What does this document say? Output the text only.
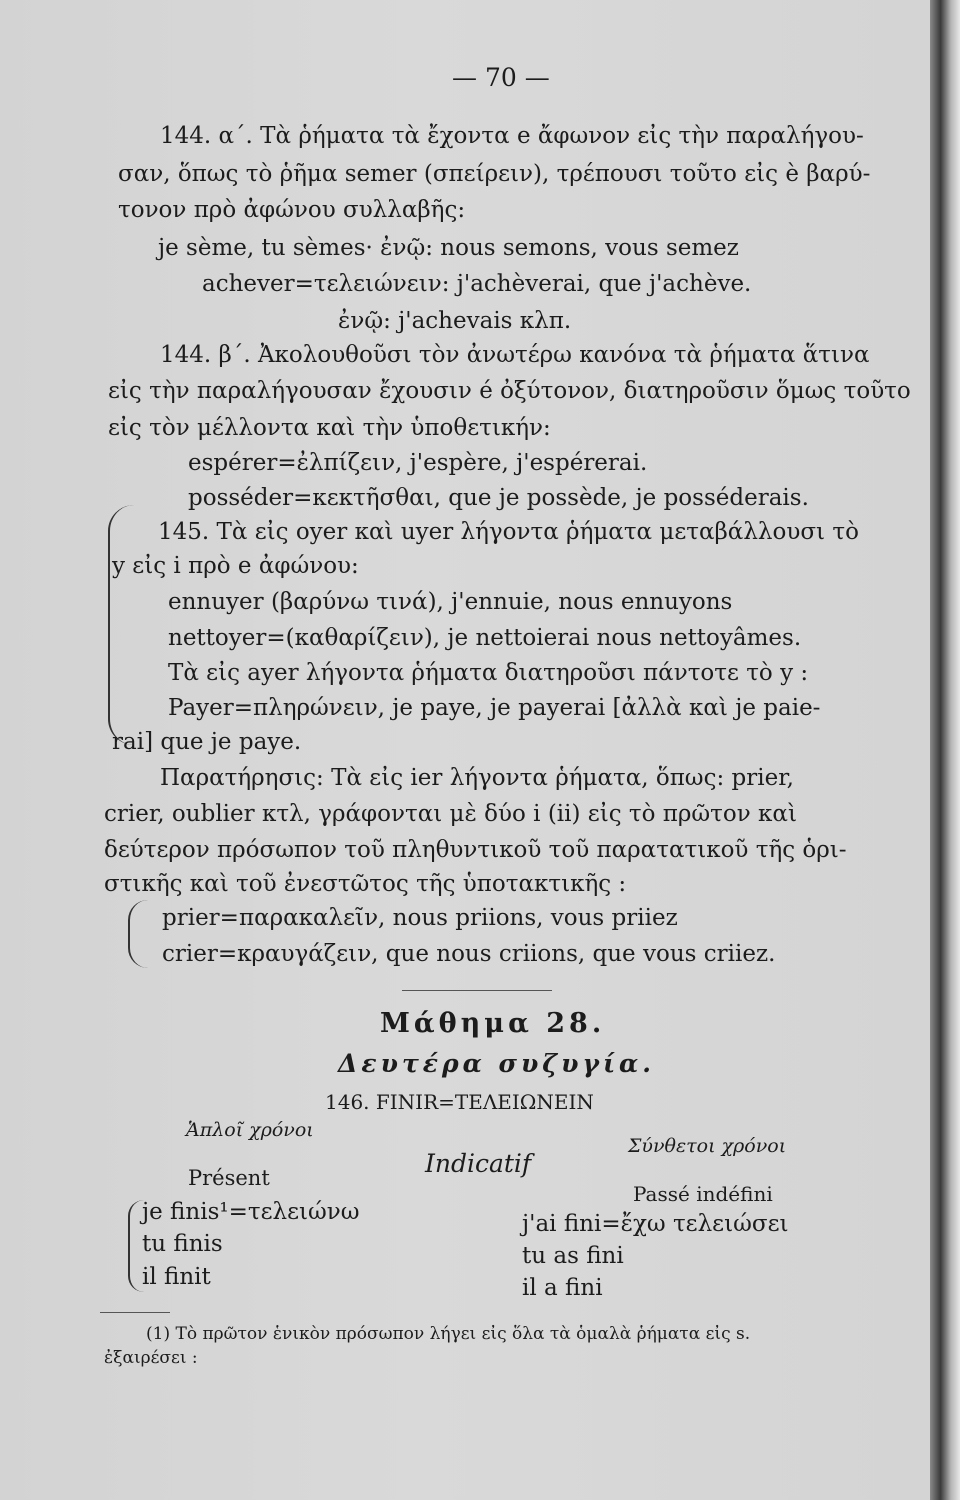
— 70 —
144. α΄. Τὰ ῥήματα τὰ ἔχοντα e ἄφωνον εἰς τὴν παραλήγου-
σαν, ὅπως τὸ ῥῆμα semer (σπείρειν), τρέπουσι τοῦτο εἰς è βαρύ-
τονον πρὸ ἀφώνου συλλαβῆς:
je sème, tu sèmes· ἐνῷ: nous semons, vous semez
achever=τελειώνειν: j'achèverai, que j'achève.
ἐνῷ: j'achevais κλπ.
144. β΄. Ἀκολουθοῦσι τὸν ἀνωτέρω κανόνα τὰ ῥήματα ἅτινα
εἰς τὴν παραλήγουσαν ἔχουσιν é ὀξύτονον, διατηροῦσιν ὅμως τοῦτο
εἰς τὸν μέλλοντα καὶ τὴν ὑποθετικήν:
espérer=ἐλπίζειν, j'espère, j'espérerai.
posséder=κεκτῆσθαι, que je possède, je posséderais.
145. Τὰ εἰς oyer καὶ uyer λήγοντα ῥήματα μεταβάλλουσι τὸ
y εἰς i πρὸ e ἀφώνου:
ennuyer (βαρύνω τινά), j'ennuie, nous ennuyons
nettoyer=(καθαρίζειν), je nettoierai nous nettoyâmes.
Τὰ εἰς ayer λήγοντα ῥήματα διατηροῦσι πάντοτε τὸ y :
Payer=πληρώνειν, je paye, je payerai [ἀλλὰ καὶ je paie-
rai] que je paye.
Παρατήρησις: Τὰ εἰς ier λήγοντα ῥήματα, ὅπως: prier,
crier, oublier κτλ, γράφονται μὲ δύο i (ii) εἰς τὸ πρῶτον καὶ
δεύτερον πρόσωπον τοῦ πληθυντικοῦ τοῦ παρατατικοῦ τῆς ὁρι-
στικῆς καὶ τοῦ ἐνεστῶτος τῆς ὑποτακτικῆς :
prier=παρακαλεῖν, nous priions, vous priiez
crier=κραυγάζειν, que nous criions, que vous criiez.
Μάθημα 28.
Δευτέρα συζυγία.
146. FINIR=ΤΕΛΕΙΩΝΕΙΝ
Ἁπλοῖ χρόνοι
Indicatif
Σύνθετοι χρόνοι
Présent
je finis¹=τελειώνω
tu finis
il finit
Passé indéfini
j'ai fini=ἔχω τελειώσει
tu as fini
il a fini
(1) Τὸ πρῶτον ἑνικὸν πρόσωπον λήγει εἰς ὅλα τὰ ὁμαλὰ ῥήματα εἰς s.
ἐξαιρέσει :
